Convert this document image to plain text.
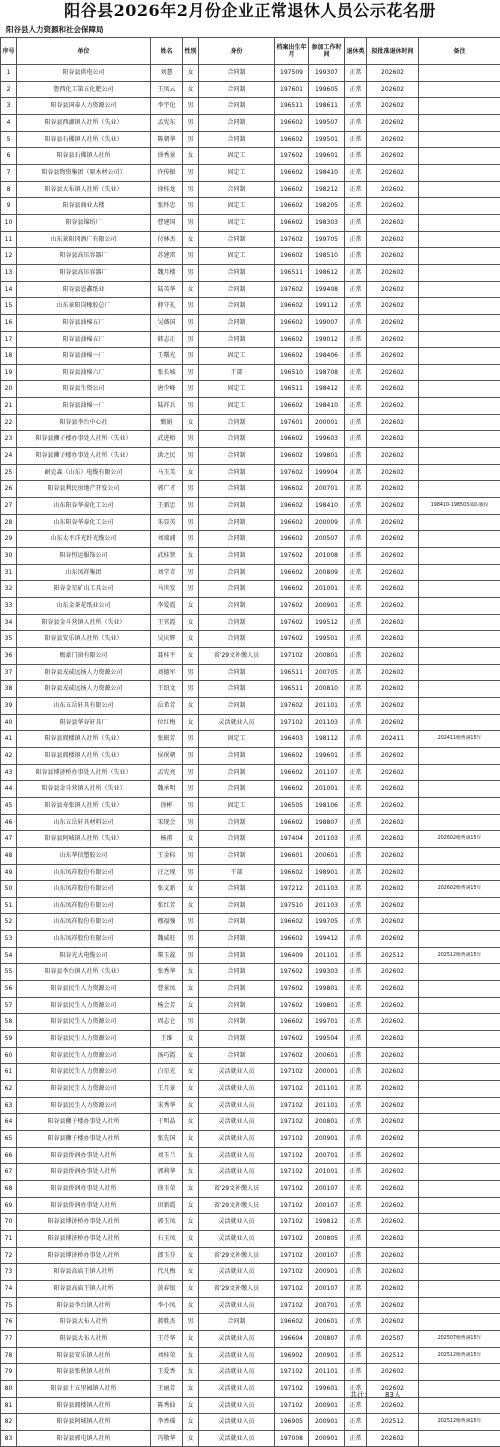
阳谷县2026年2月份企业正常退休人员公示花名册
阳谷县人力资源和社会保障局
序号	单位	姓名	性别	身份	档案出生年月	参加工作时间	退休类	拟批准退休时间	备注
1	阳谷县供电公司	刘慧	女	合同制	197509	199307	正常	202602	
2	鲁西化工第五化肥公司	王凤云	女	合同制	197601	199605	正常	202602	
3	阳谷县国泰人力资源公司	李宇伦	男	合同制	196511	198611	正常	202602	
4	阳谷县西湖镇人社所（失业）	孟宪东	男	合同制	196602	199507	正常	202602	
5	阳谷县石佛镇人社所（失业）	陈朝华	男	合同制	196602	199501	正常	202602	
6	阳谷县石佛镇人社所	徐秀景	女	固定工	197602	199601	正常	202602	
7	阳谷县物资集团（原木材公司）	许传振	男	固定工	196602	198410	正常	202602	
8	阳谷县大布镇人社所（失业）	徐桂龙	男	合同制	196602	198212	正常	202602	
9	阳谷县商业大楼	张怀忠	男	固定工	196602	198205	正常	202602	
10	阳谷县锦纺厂	曹建国	男	固定工	196602	198303	正常	202602	
11	山东景阳冈酒厂有限公司	付林杰	女	合同制	197602	199705	正常	202602	
12	阳谷县高压容器厂	苏建雷	男	固定工	196602	198510	正常	202602	
13	阳谷县高压容器厂	魏月楼	男	合同制	196511	198612	正常	202602	
14	阳谷县恩鑫纸业	陆英华	女	合同制	197602	199408	正常	202602	
15	山东景阳岗橡胶总厂	薛守礼	男	合同制	196602	199112	正常	202602	
16	阳谷县油棉五厂	吴薇国	男	合同制	196602	199007	正常	202602	
17	阳谷县油棉五厂	韩志正	男	合同制	196602	199012	正常	202602	
18	阳谷县油棉一厂	王曙光	男	固定工	196602	198406	正常	202602	
19	阳谷县油棉六厂	张长城	男	干部	196510	198708	正常	202602	
20	阳谷县生资公司	唐少峰	男	固定工	196511	198412	正常	202602	
21	阳谷县油棉一厂	陆祥兵	男	固定工	196602	198410	正常	202602	
22	阳谷县李台中心社	甄娟	女	合同制	197601	200001	正常	202602	
23	阳谷县狮子楼办事处人社所（失业）	武进梧	男	合同制	196602	199603	正常	202602	
24	阳谷县狮子楼办事处人社所（失业）	洪之民	男	合同制	196602	199801	正常	202602	
25	耐克森（山东）电缆有限公司	马玉美	女	合同制	197602	199904	正常	202602	
26	阳谷县利民房地产开发公司	郭广才	男	合同制	196602	200701	正常	202602	
27	山东阳谷华泰化工公司	王新忠	男	合同制	196602	198410	正常	202602	198410-198503部队服役
28	山东阳谷华泰化工公司	朱显英	男	合同制	196602	200009	正常	202602	
29	山东太平洋光纤光缆公司	刘端浦	男	合同制	196602	200507	正常	202602	
30	阳谷恒运服饰公司	武桂贤	女	合同制	197602	201008	正常	202602	
31	山东凤祥集团	刘学青	男	合同制	196602	200809	正常	202602	
32	阳谷金星矿山工具公司	马世发	男	合同制	196602	201001	正常	202602	
33	山东金茶花纸业公司	李爱霞	女	合同制	197602	200901	正常	202602	
34	阳谷县金斗营镇人社所（失业）	王官霞	女	合同制	197602	199512	正常	202602	
35	阳谷县安乐镇人社所（失业）	吴庆辉	女	合同制	197602	199501	正常	202602	
36	极豪门窗有限公司	聂桂平	女	省'29文补缴人员	197102	200801	正常	202602	
37	阳谷县戎威远扬人力资源公司	刘德军	男	合同制	196511	200705	正常	202602	
38	阳谷县戎威远扬人力资源公司	王绍文	男	合同制	196511	200810	正常	202602	
39	山东五岳轩具有限公司	岳希芳	女	合同制	197602	201101	正常	202602	
40	阳谷县华谷轩具厂	位红梅	女	灵活就业人员	197102	201103	正常	202602	
41	阳谷县阎楼镇人社所（失业）	张振芳	男	固定工	196403	198112	正常	202411	202411缴费满15年
42	阳谷县阎楼镇人社所（失业）	侯珉朝	男	合同制	196602	199601	正常	202602	
43	阳谷县博济桥办事处人社所（失业）	孟宪亮	男	合同制	196602	201107	正常	202602	
44	阳谷县金斗营镇人社所（失业）	魏承明	男	合同制	196602	201001	正常	202602	
45	阳谷县寿张镇人社所（失业）	徐彬	男	固定工	196505	198106	正常	202602	
46	山东五岳轩具材料公司	宋现会	男	合同制	196602	198807	正常	202602	
47	阳谷县阿城镇人社所（失业）	杨甫	女	合同制	197404	201103	正常	202602	202602缴费满15年
48	山东华信塑胶公司	王金标	男	合同制	196601	200601	正常	202602	
49	山东凤祥股份有限公司	汪之现	男	干部	196602	198901	正常	202602	
50	山东凤祥股份有限公司	张义新	女	合同制	197212	201103	正常	202602	202602缴费满15年
51	山东凤祥股份有限公司	张红芳	女	合同制	197510	201103	正常	202602	
52	山东凤祥股份有限公司	穆福强	男	合同制	196602	199705	正常	202602	
53	山东凤祥股份有限公司	魏威旺	男	合同制	196602	199412	正常	202602	
54	阳谷光大电缆公司	柴玉蕊	男	合同制	196409	201101	正常	202512	202512缴费满15年
55	阳谷县李台镇人社所（失业）	张秀华	女	合同制	197602	199303	正常	202602	
56	阳谷县民生人力资源公司	曹景凤	女	合同制	197602	199801	正常	202602	
57	阳谷县民生人力资源公司	杨会芳	女	合同制	197602	199801	正常	202602	
58	阳谷县民生人力资源公司	周志仑	男	合同制	196602	199701	正常	202602	
59	阳谷县民生人力资源公司	王维	女	合同制	197602	199504	正常	202602	
60	阳谷县民生人力资源公司	汤巧霞	女	合同制	197602	200601	正常	202602	
61	阳谷县民生人力资源公司	白星光	女	灵活就业人员	197102	200001	正常	202602	
62	阳谷县民生人力资源公司	王月景	女	灵活就业人员	197102	201101	正常	202602	
63	阳谷县民生人力资源公司	宋秀华	女	灵活就业人员	197102	201101	正常	202602	
64	阳谷县狮子楼办事处人社所	于明晶	女	灵活就业人员	197102	200801	正常	202602	
65	阳谷县狮子楼办事处人社所	张先国	女	灵活就业人员	197102	200901	正常	202602	
66	阳谷县侨润办事处人社所	刘玉兰	女	灵活就业人员	197102	200701	正常	202602	
67	阳谷县侨润办事处人社所	郭莉华	女	灵活就业人员	197102	201001	正常	202602	
68	阳谷县侨润办事处人社所	徐玉荣	女	省'29文补缴人员	197102	200107	正常	202602	
69	阳谷县侨润办事处人社所	田新霞	女	省'29文补缴人员	197102	200107	正常	202602	
70	阳谷县博济桥办事处人社所	郭玉凤	女	灵活就业人员	197102	199812	正常	202602	
71	阳谷县博济桥办事处人社所	石玉凤	女	灵活就业人员	197102	200805	正常	202602	
72	阳谷县博济桥办事处人社所	郎玉芬	女	省'29文补缴人员	197102	200107	正常	202602	
73	阳谷县高庙王镇人社所	代凡梅	女	灵活就业人员	197102	200901	正常	202602	
74	阳谷县高庙王镇人社所	黄春银	女	省'29文补缴人员	197102	200107	正常	202602	
75	阳谷县李台镇人社所	李小凤	女	灵活就业人员	197102	200701	正常	202602	
76	阳谷县大布人社所	郝胜杰	男	合同制	196602	200601	正常	202602	
77	阳谷县大布人社所	王芹华	女	灵活就业人员	196604	200807	正常	202507	202507缴费满15年
78	阳谷县安乐镇人社所	刘桂荣	女	灵活就业人员	196902	200901	正常	202512	202512缴费满15年
79	阳谷县张秋镇人社所	王爱香	女	灵活就业人员	197102	201101	正常	202602	
80	阳谷县十五里园镇人社所	王丽芳	女	灵活就业人员	197102	199601	正常	202602	
81	阳谷县阎楼镇人社所	陈秀仙	女	灵活就业人员	197102	200901	正常	202602	
82	阳谷县阿城镇人社所	李香瑶	女	灵活就业人员	196905	200901	正常	202512	202512缴费满15年
83	阳谷县郭屯镇人社所	冯敬华	女	灵活就业人员	197008	200901	正常	202602	
共计： 83人
